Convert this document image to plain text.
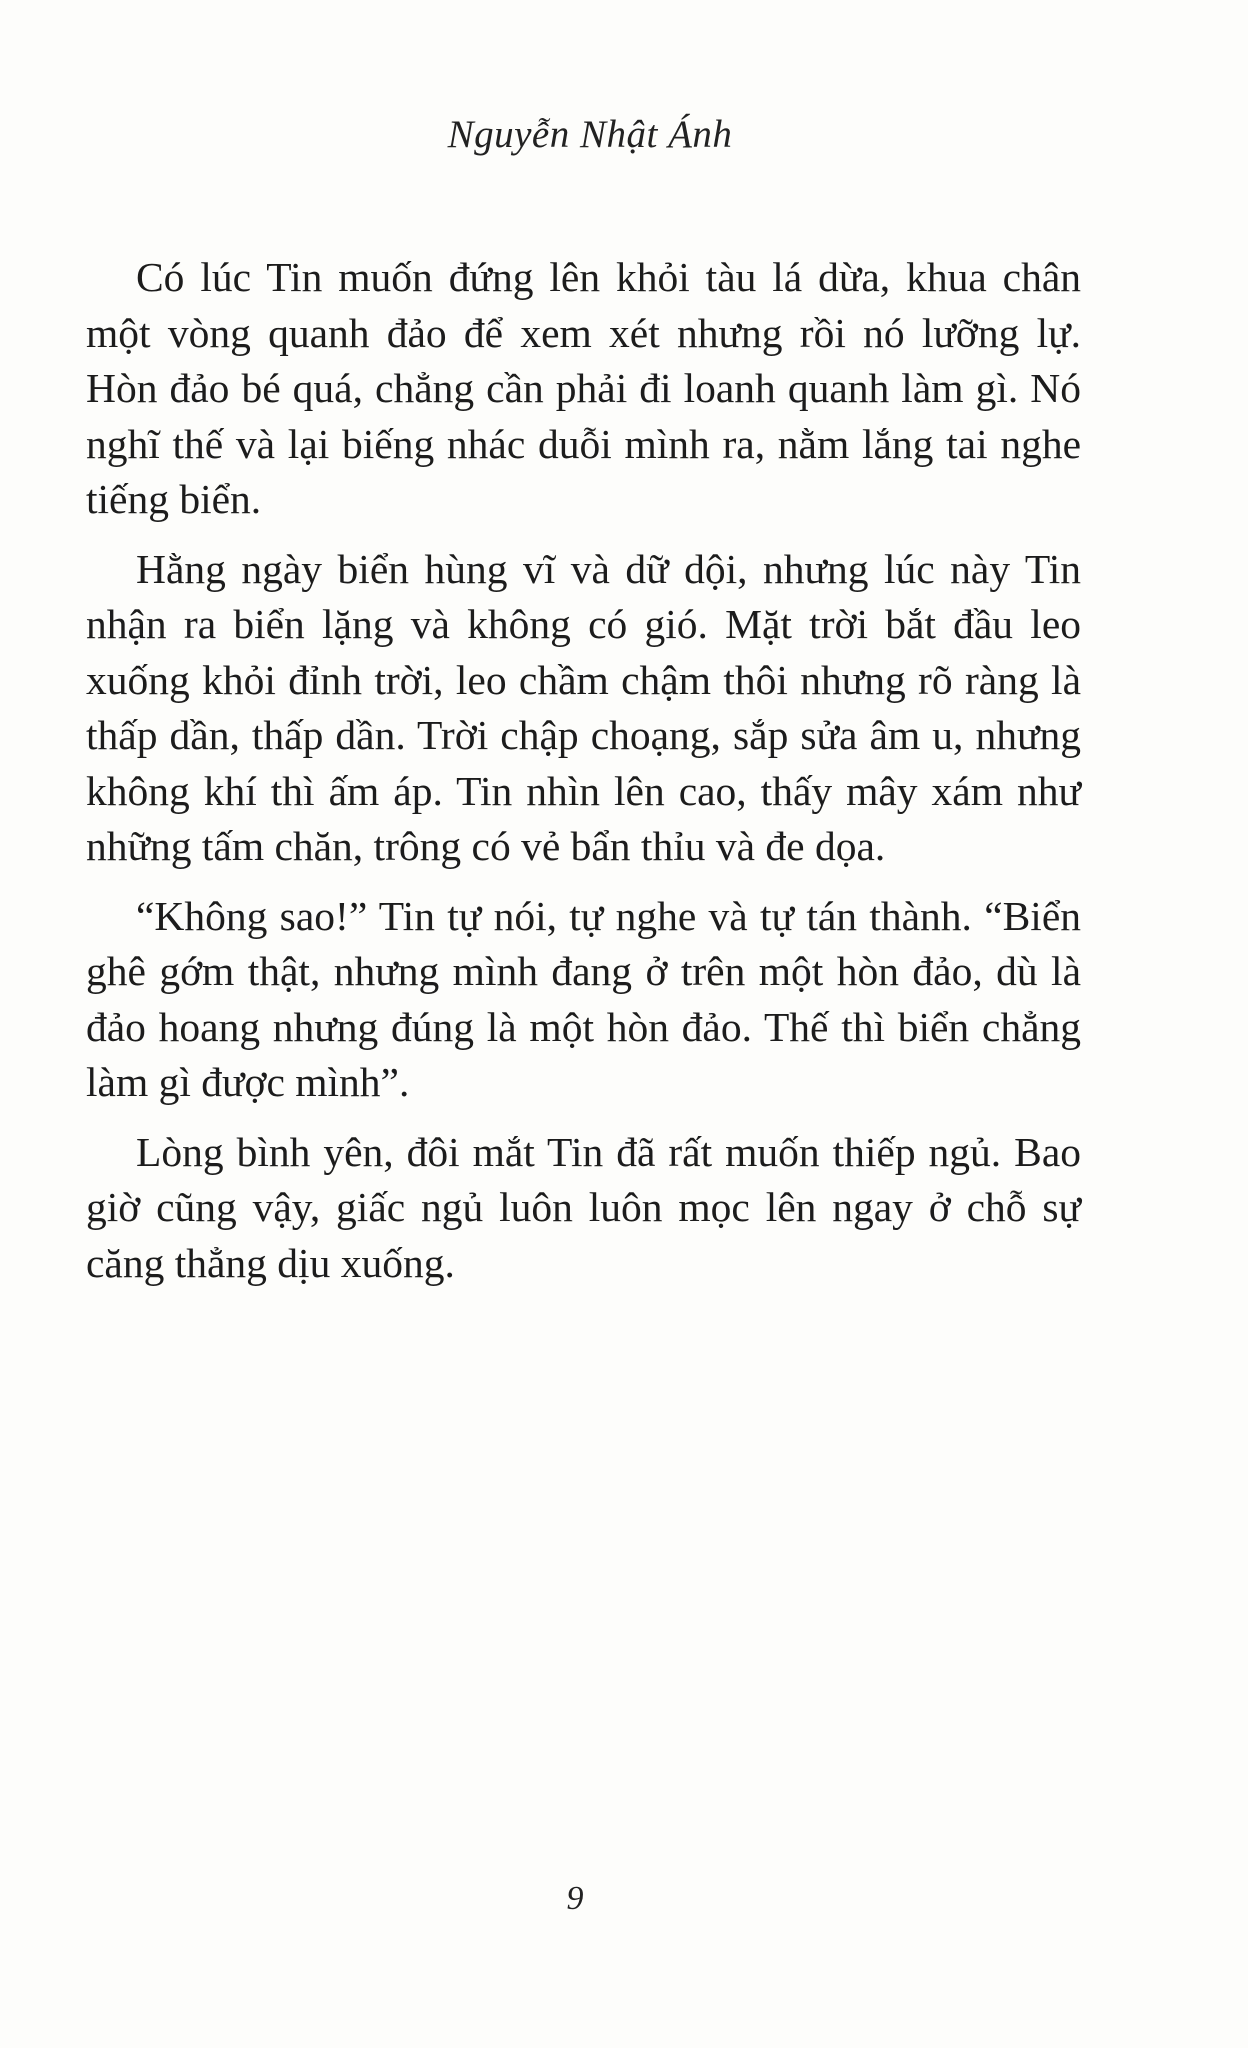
Nguyễn Nhật Ánh

Có lúc Tin muốn đứng lên khỏi tàu lá dừa, khua chân một vòng quanh đảo để xem xét nhưng rồi nó lưỡng lự. Hòn đảo bé quá, chẳng cần phải đi loanh quanh làm gì. Nó nghĩ thế và lại biếng nhác duỗi mình ra, nằm lắng tai nghe tiếng biển.

Hằng ngày biển hùng vĩ và dữ dội, nhưng lúc này Tin nhận ra biển lặng và không có gió. Mặt trời bắt đầu leo xuống khỏi đỉnh trời, leo chầm chậm thôi nhưng rõ ràng là thấp dần, thấp dần. Trời chập choạng, sắp sửa âm u, nhưng không khí thì ấm áp. Tin nhìn lên cao, thấy mây xám như những tấm chăn, trông có vẻ bẩn thỉu và đe dọa.

“Không sao!” Tin tự nói, tự nghe và tự tán thành. “Biển ghê gớm thật, nhưng mình đang ở trên một hòn đảo, dù là đảo hoang nhưng đúng là một hòn đảo. Thế thì biển chẳng làm gì được mình”.

Lòng bình yên, đôi mắt Tin đã rất muốn thiếp ngủ. Bao giờ cũng vậy, giấc ngủ luôn luôn mọc lên ngay ở chỗ sự căng thẳng dịu xuống.

9
